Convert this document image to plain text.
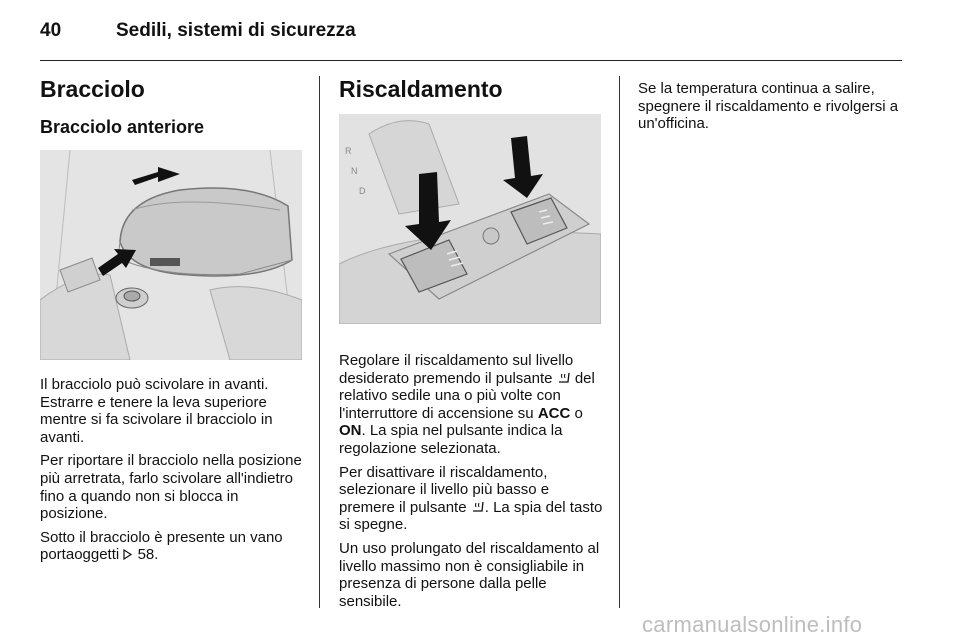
40	Sedili, sistemi di sicurezza
Bracciolo
Bracciolo anteriore

Il bracciolo può scivolare in avanti. Estrarre e tenere la leva superiore mentre si fa scivolare il bracciolo in avanti.

Per riportare il bracciolo nella posizione più arretrata, farlo scivolare all'indietro fino a quando non si blocca in posizione.

Sotto il bracciolo è presente un vano portaoggetti 58.

Riscaldamento
R
N
D

Regolare il riscaldamento sul livello desiderato premendo il pulsante del relativo sedile una o più volte con l'interruttore di accensione su ACC o ON. La spia nel pulsante indica la regolazione selezionata.

Per disattivare il riscaldamento, selezionare il livello più basso e premere il pulsante . La spia del tasto si spegne.

Un uso prolungato del riscaldamento al livello massimo non è consigliabile in presenza di persone dalla pelle sensibile.

Se la temperatura continua a salire, spegnere il riscaldamento e rivolgersi a un'officina.

carmanualsonline.info
